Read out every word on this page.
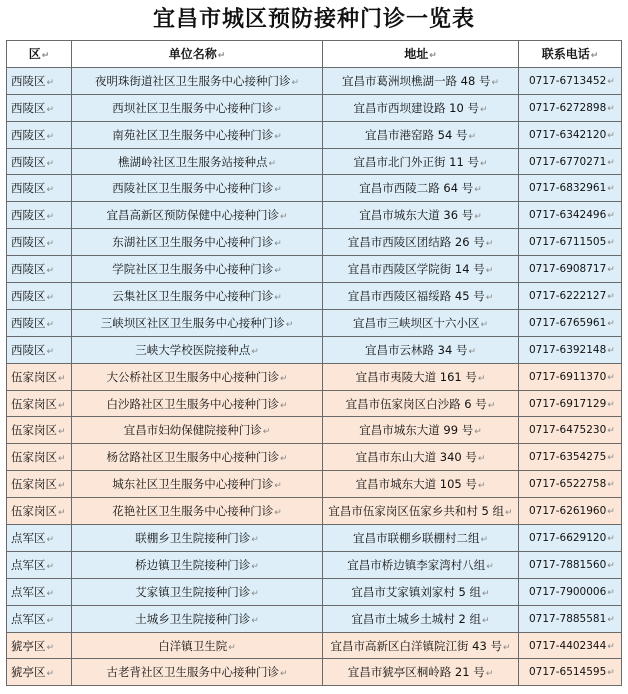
宜昌市城区预防接种门诊一览表
区↵	单位名称↵	地址↵	联系电话↵
西陵区↵	夜明珠街道社区卫生服务中心接种门诊↵	宜昌市葛洲坝樵湖一路 48 号↵	0717-6713452↵
西陵区↵	西坝社区卫生服务中心接种门诊↵	宜昌市西坝建设路 10 号↵	0717-6272898↵
西陵区↵	南苑社区卫生服务中心接种门诊↵	宜昌市港窑路 54 号↵	0717-6342120↵
西陵区↵	樵湖岭社区卫生服务站接种点↵	宜昌市北门外正街 11 号↵	0717-6770271↵
西陵区↵	西陵社区卫生服务中心接种门诊↵	宜昌市西陵二路 64 号↵	0717-6832961↵
西陵区↵	宜昌高新区预防保健中心接种门诊↵	宜昌市城东大道 36 号↵	0717-6342496↵
西陵区↵	东湖社区卫生服务中心接种门诊↵	宜昌市西陵区团结路 26 号↵	0717-6711505↵
西陵区↵	学院社区卫生服务中心接种门诊↵	宜昌市西陵区学院街 14 号↵	0717-6908717↵
西陵区↵	云集社区卫生服务中心接种门诊↵	宜昌市西陵区福绥路 45 号↵	0717-6222127↵
西陵区↵	三峡坝区社区卫生服务中心接种门诊↵	宜昌市三峡坝区十六小区↵	0717-6765961↵
西陵区↵	三峡大学校医院接种点↵	宜昌市云林路 34 号↵	0717-6392148↵
伍家岗区↵	大公桥社区卫生服务中心接种门诊↵	宜昌市夷陵大道 161 号↵	0717-6911370↵
伍家岗区↵	白沙路社区卫生服务中心接种门诊↵	宜昌市伍家岗区白沙路 6 号↵	0717-6917129↵
伍家岗区↵	宜昌市妇幼保健院接种门诊↵	宜昌市城东大道 99 号↵	0717-6475230↵
伍家岗区↵	杨岔路社区卫生服务中心接种门诊↵	宜昌市东山大道 340 号↵	0717-6354275↵
伍家岗区↵	城东社区卫生服务中心接种门诊↵	宜昌市城东大道 105 号↵	0717-6522758↵
伍家岗区↵	花艳社区卫生服务中心接种门诊↵	宜昌市伍家岗区伍家乡共和村 5 组↵	0717-6261960↵
点军区↵	联棚乡卫生院接种门诊↵	宜昌市联棚乡联棚村二组↵	0717-6629120↵
点军区↵	桥边镇卫生院接种门诊↵	宜昌市桥边镇李家湾村八组↵	0717-7881560↵
点军区↵	艾家镇卫生院接种门诊↵	宜昌市艾家镇刘家村 5 组↵	0717-7900006↵
点军区↵	土城乡卫生院接种门诊↵	宜昌市土城乡土城村 2 组↵	0717-7885581↵
猇亭区↵	白洋镇卫生院↵	宜昌市高新区白洋镇院江街 43 号↵	0717-4402344↵
猇亭区↵	古老背社区卫生服务中心接种门诊↵	宜昌市猇亭区桐岭路 21 号↵	0717-6514595↵
